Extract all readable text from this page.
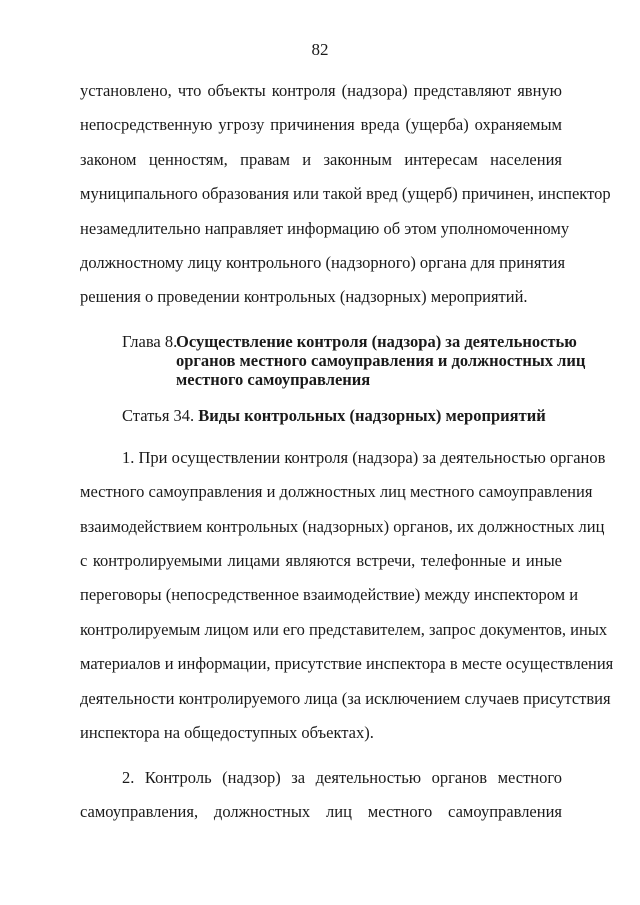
82

установлено, что объекты контроля (надзора) представляют явную
непосредственную угрозу причинения вреда (ущерба) охраняемым
законом ценностям, правам и законным интересам населения
муниципального образования или такой вред (ущерб) причинен, инспектор
незамедлительно направляет информацию об этом уполномоченному
должностному лицу контрольного (надзорного) органа для принятия
решения о проведении контрольных (надзорных) мероприятий.

Глава 8.
Осуществление контроля (надзора) за деятельностью
органов местного самоуправления и должностных лиц
местного самоуправления
Статья 34. Виды контрольных (надзорных) мероприятий

1. При осуществлении контроля (надзора) за деятельностью органов
местного самоуправления и должностных лиц местного самоуправления
взаимодействием контрольных (надзорных) органов, их должностных лиц
с контролируемыми лицами являются встречи, телефонные и иные
переговоры (непосредственное взаимодействие) между инспектором и
контролируемым лицом или его представителем, запрос документов, иных
материалов и информации, присутствие инспектора в месте осуществления
деятельности контролируемого лица (за исключением случаев присутствия
инспектора на общедоступных объектах).

2. Контроль (надзор) за деятельностью органов местного
самоуправления, должностных лиц местного самоуправления
